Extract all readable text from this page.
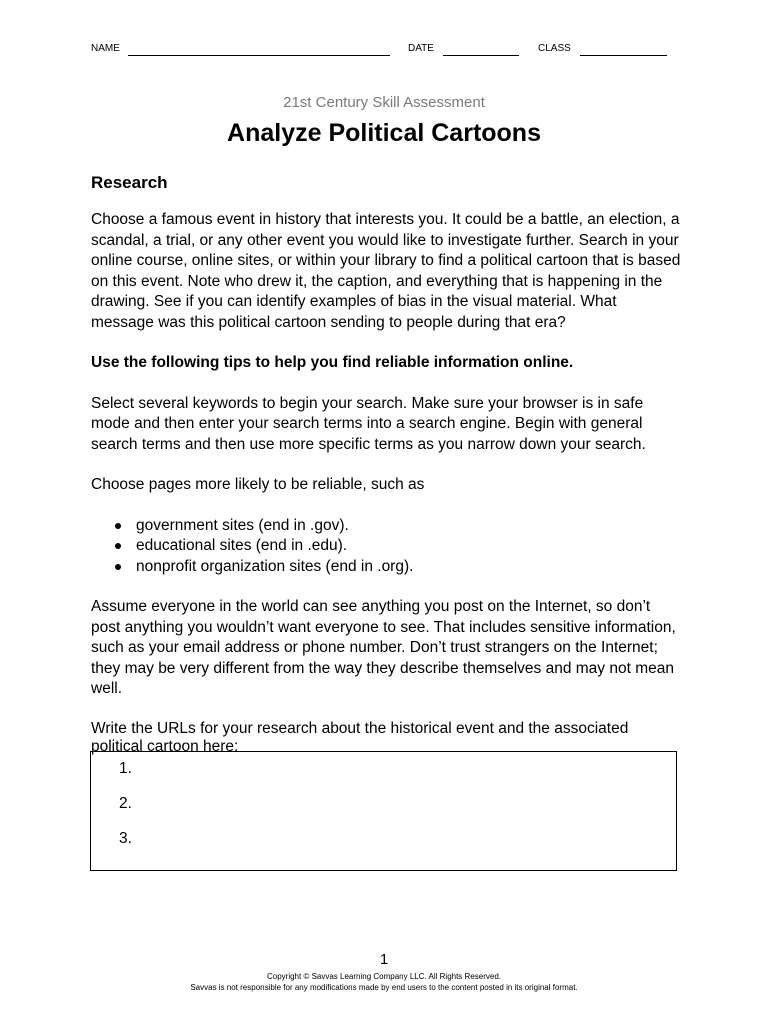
NAME	DATE	CLASS
21st Century Skill Assessment
Analyze Political Cartoons
Research

Choose a famous event in history that interests you. It could be a battle, an election, a scandal, a trial, or any other event you would like to investigate further. Search in your online course, online sites, or within your library to find a political cartoon that is based on this event. Note who drew it, the caption, and everything that is happening in the drawing. See if you can identify examples of bias in the visual material. What message was this political cartoon sending to people during that era?

Use the following tips to help you find reliable information online.

Select several keywords to begin your search. Make sure your browser is in safe mode and then enter your search terms into a search engine. Begin with general search terms and then use more specific terms as you narrow down your search.

Choose pages more likely to be reliable, such as

government sites (end in .gov).
educational sites (end in .edu).
nonprofit organization sites (end in .org).

Assume everyone in the world can see anything you post on the Internet, so don’t post anything you wouldn’t want everyone to see. That includes sensitive information, such as your email address or phone number. Don’t trust strangers on the Internet; they may be very different from the way they describe themselves and may not mean well.

Write the URLs for your research about the historical event and the associated political cartoon here:

1.
2.
3.
1
Copyright © Savvas Learning Company LLC. All Rights Reserved.
Savvas is not responsible for any modifications made by end users to the content posted in its original format.
